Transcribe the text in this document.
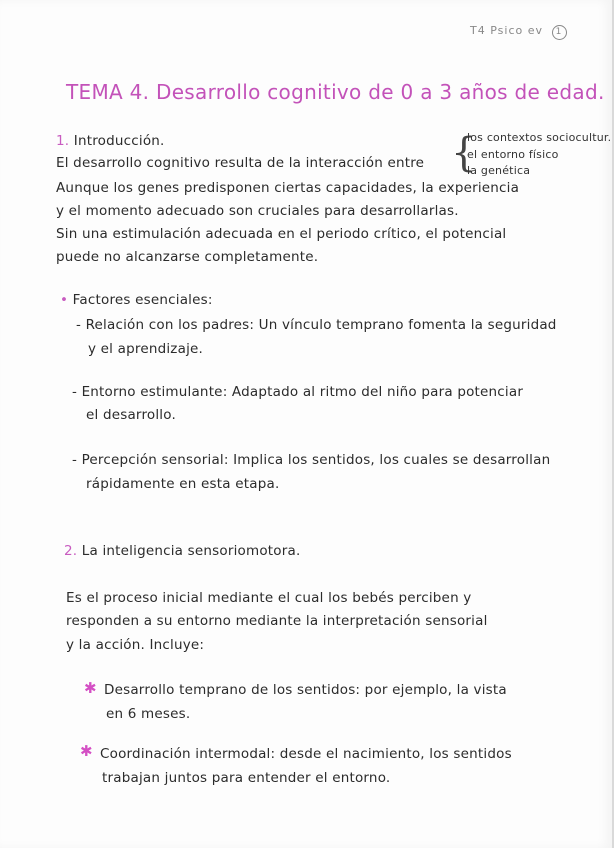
T4 Psico ev 1
TEMA 4. Desarrollo cognitivo de 0 a 3 años de edad.
1. Introducción.	{
los contextos sociocultur.
el entorno físico
la genética
El desarrollo cognitivo resulta de la interacción entre
Aunque los genes predisponen ciertas capacidades, la experiencia
y el momento adecuado son cruciales para desarrollarlas.
Sin una estimulación adecuada en el periodo crítico, el potencial
puede no alcanzarse completamente.
• Factores esenciales:
- Relación con los padres: Un vínculo temprano fomenta la seguridad
y el aprendizaje.
- Entorno estimulante: Adaptado al ritmo del niño para potenciar
el desarrollo.
- Percepción sensorial: Implica los sentidos, los cuales se desarrollan
rápidamente en esta etapa.
2. La inteligencia sensoriomotora.
Es el proceso inicial mediante el cual los bebés perciben y
responden a su entorno mediante la interpretación sensorial
y la acción. Incluye:
✱ Desarrollo temprano de los sentidos: por ejemplo, la vista
en 6 meses.
✱ Coordinación intermodal: desde el nacimiento, los sentidos
trabajan juntos para entender el entorno.
